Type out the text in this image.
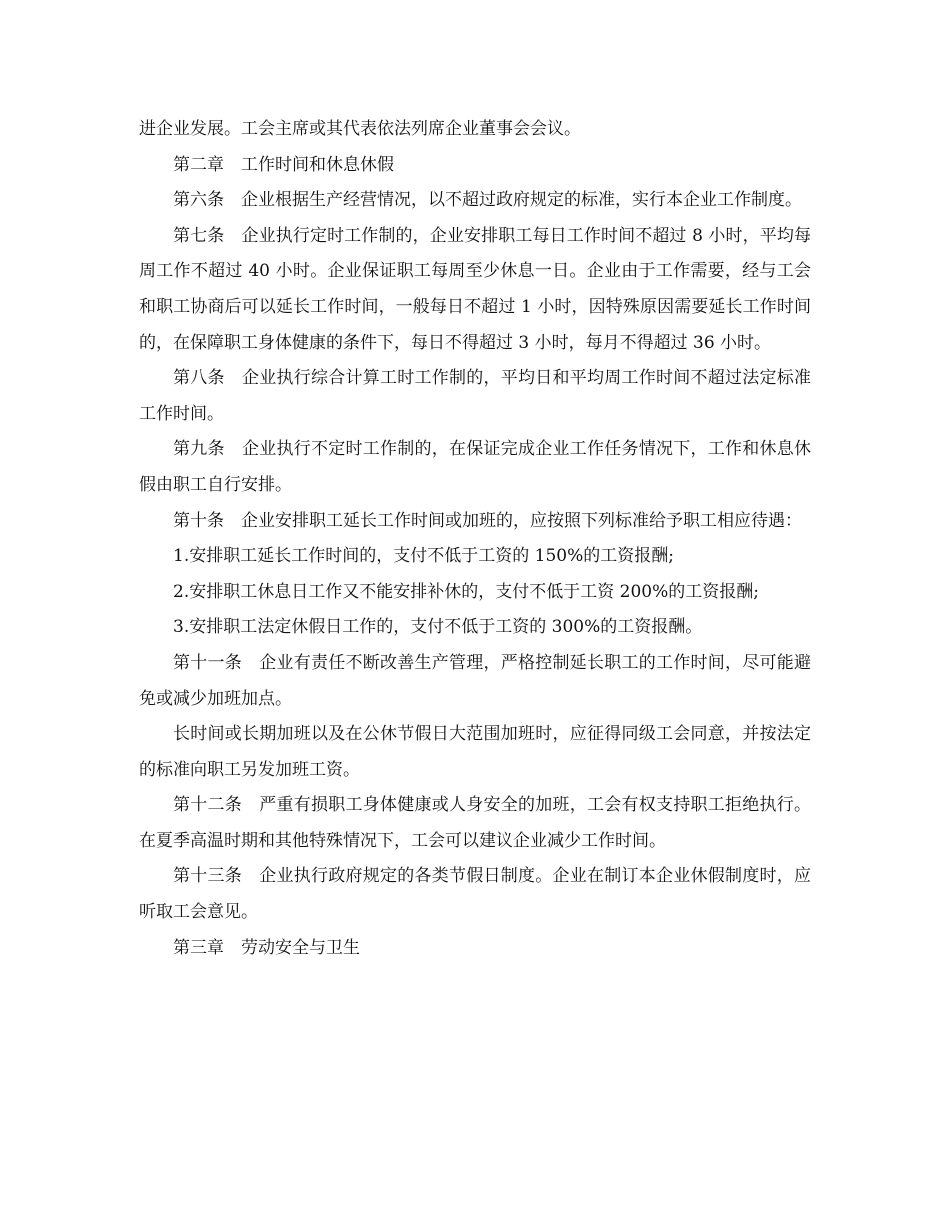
进企业发展。工会主席或其代表依法列席企业董事会会议。

第二章 工作时间和休息休假

第六条 企业根据生产经营情况，以不超过政府规定的标准，实行本企业工作制度。

第七条 企业执行定时工作制的，企业安排职工每日工作时间不超过 8 小时，平均每周工作不超过 40 小时。企业保证职工每周至少休息一日。企业由于工作需要，经与工会和职工协商后可以延长工作时间，一般每日不超过 1 小时，因特殊原因需要延长工作时间的，在保障职工身体健康的条件下，每日不得超过 3 小时，每月不得超过 36 小时。

第八条 企业执行综合计算工时工作制的，平均日和平均周工作时间不超过法定标准工作时间。

第九条 企业执行不定时工作制的，在保证完成企业工作任务情况下，工作和休息休假由职工自行安排。

第十条 企业安排职工延长工作时间或加班的，应按照下列标准给予职工相应待遇：

1.安排职工延长工作时间的，支付不低于工资的 150%的工资报酬;

2.安排职工休息日工作又不能安排补休的，支付不低于工资 200%的工资报酬;

3.安排职工法定休假日工作的，支付不低于工资的 300%的工资报酬。

第十一条 企业有责任不断改善生产管理，严格控制延长职工的工作时间，尽可能避免或减少加班加点。

长时间或长期加班以及在公休节假日大范围加班时，应征得同级工会同意，并按法定的标准向职工另发加班工资。

第十二条 严重有损职工身体健康或人身安全的加班，工会有权支持职工拒绝执行。在夏季高温时期和其他特殊情况下，工会可以建议企业减少工作时间。

第十三条 企业执行政府规定的各类节假日制度。企业在制订本企业休假制度时，应听取工会意见。

第三章 劳动安全与卫生
